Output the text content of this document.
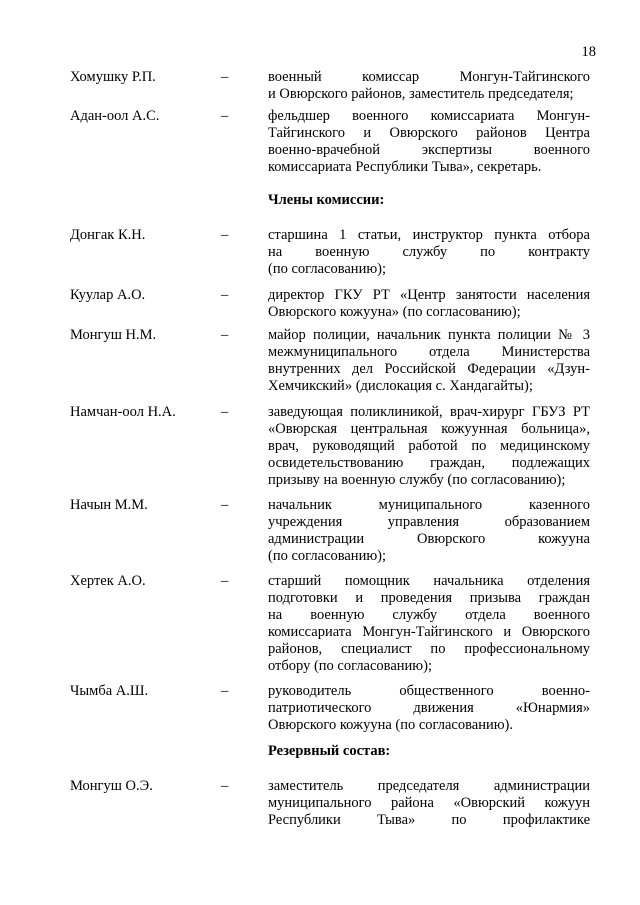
18
Хомушку Р.П.	–	военный комиссар Монгун-Тайгинского
и Овюрского районов, заместитель председателя;
Адан-оол А.С.	–	фельдшер военного комиссариата Монгун-
Тайгинского и Овюрского районов Центра
военно-врачебной экспертизы военного
комиссариата Республики Тыва», секретарь.
Члены комиссии:
Донгак К.Н.	–	старшина 1 статьи, инструктор пункта отбора
на военную службу по контракту
(по согласованию);
Куулар А.О.	–	директор ГКУ РТ «Центр занятости населения
Овюрского кожууна» (по согласованию);
Монгуш Н.М.	–	майор полиции, начальник пункта полиции № 3
межмуниципального отдела Министерства
внутренних дел Российской Федерации «Дзун-
Хемчикский» (дислокация с. Хандагайты);
Намчан-оол Н.А.	–	заведующая поликлиникой, врач-хирург ГБУЗ РТ
«Овюрская центральная кожуунная больница»,
врач, руководящий работой по медицинскому
освидетельствованию граждан, подлежащих
призыву на военную службу (по согласованию);
Начын М.М.	–	начальник муниципального казенного
учреждения управления образованием
администрации Овюрского кожууна
(по согласованию);
Хертек А.О.	–	старший помощник начальника отделения
подготовки и проведения призыва граждан
на военную службу отдела военного
комиссариата Монгун-Тайгинского и Овюрского
районов, специалист по профессиональному
отбору (по согласованию);
Чымба А.Ш.	–	руководитель общественного военно-
патриотического движения «Юнармия»
Овюрского кожууна (по согласованию).
Резервный состав:
Монгуш О.Э.	–	заместитель председателя администрации
муниципального района «Овюрский кожуун
Республики Тыва» по профилактике
